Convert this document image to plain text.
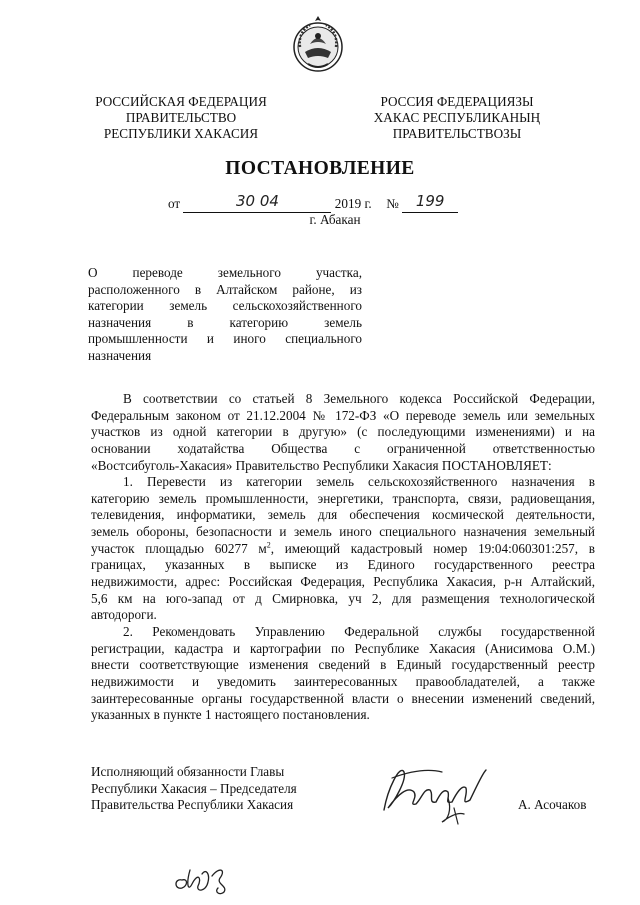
РОССИЙСКАЯ ФЕДЕРАЦИЯ
ПРАВИТЕЛЬСТВО
РЕСПУБЛИКИ ХАКАСИЯ
РОССИЯ ФЕДЕРАЦИЯЗЫ
ХАКАС РЕСПУБЛИКАНЫҢ
ПРАВИТЕЛЬСТВОЗЫ
ПОСТАНОВЛЕНИЕ
от	30 04	2019 г. № 199
г. Абакан
О переводе земельного участка,
расположенного в Алтайском районе, из
категории земель сельскохозяйственного
назначения в категорию земель
промышленности и иного специального
назначения
В соответствии со статьей 8 Земельного кодекса Российской Федерации,
Федеральным законом от 21.12.2004 № 172-ФЗ «О переводе земель или земельных
участков из одной категории в другую» (с последующими изменениями) и на
основании ходатайства Общества с ограниченной ответственностью
«Востсибуголь-Хакасия» Правительство Республики Хакасия ПОСТАНОВЛЯЕТ:
1. Перевести из категории земель сельскохозяйственного назначения в
категорию земель промышленности, энергетики, транспорта, связи, радиовещания,
телевидения, информатики, земель для обеспечения космической деятельности,
земель обороны, безопасности и земель иного специального назначения земельный
участок площадью 60277 $м^2$, имеющий кадастровый номер 19:04:060301:257, в
границах, указанных в выписке из Единого государственного реестра
недвижимости, адрес: Российская Федерация, Республика Хакасия, р-н Алтайский,
5,6 км на юго-запад от д Смирновка, уч 2, для размещения технологической
автодороги.
2. Рекомендовать Управлению Федеральной службы государственной
регистрации, кадастра и картографии по Республике Хакасия (Анисимова О.М.)
внести соответствующие изменения сведений в Единый государственный реестр
недвижимости и уведомить заинтересованных правообладателей, а также
заинтересованные органы государственной власти о внесении изменений сведений,
указанных в пункте 1 настоящего постановления.
Исполняющий обязанности Главы
Республики Хакасия – Председателя
Правительства Республики Хакасия	А. Асочаков
